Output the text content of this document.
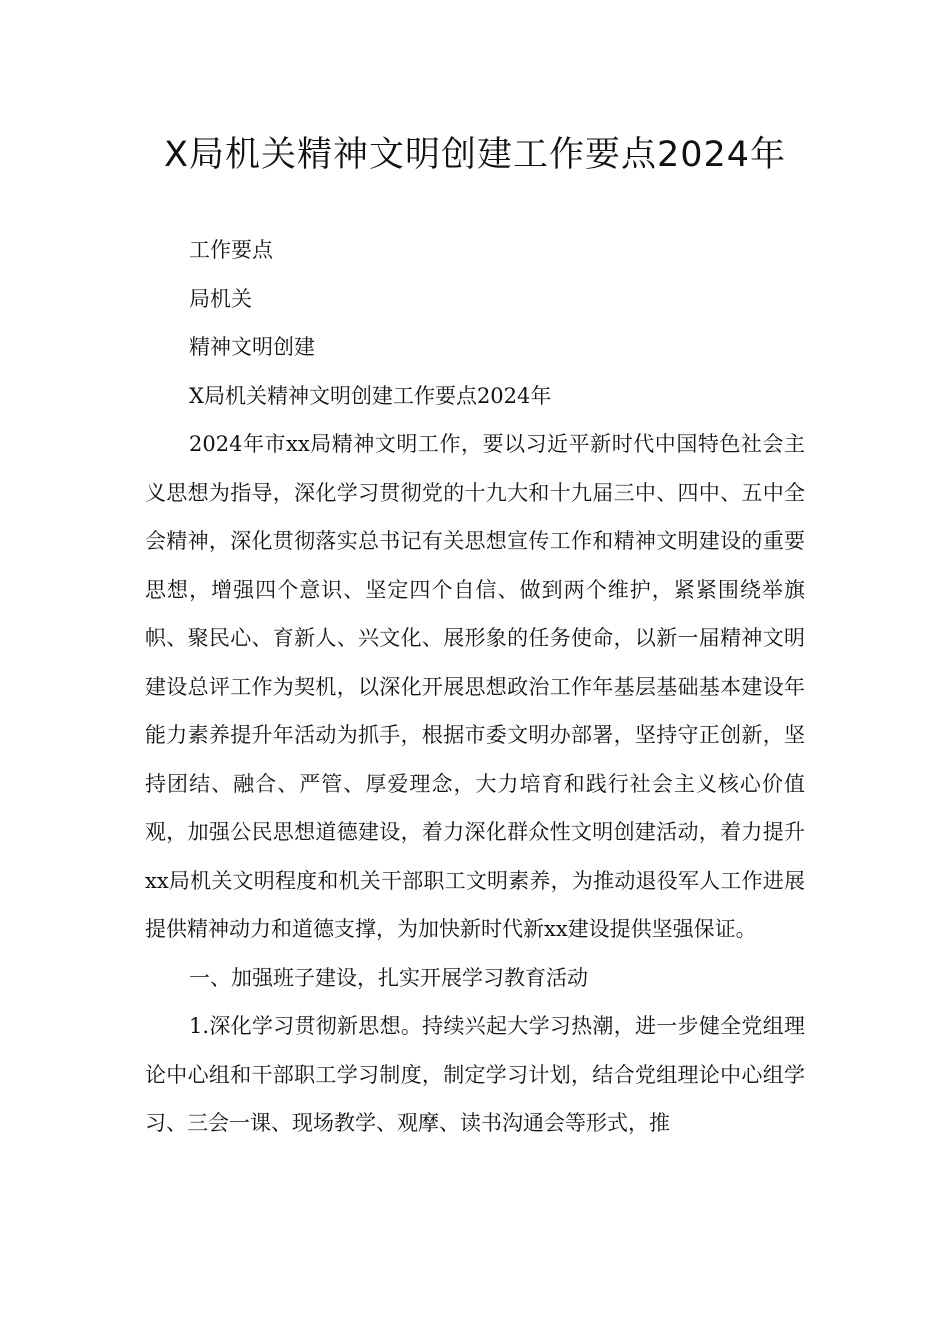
X局机关精神文明创建工作要点2024年
工作要点
局机关
精神文明创建
X局机关精神文明创建工作要点2024年

2024年市xx局精神文明工作，要以习近平新时代中国特色社会主义思想为指导，深化学习贯彻党的十九大和十九届三中、四中、五中全会精神，深化贯彻落实总书记有关思想宣传工作和精神文明建设的重要思想，增强四个意识、坚定四个自信、做到两个维护，紧紧围绕举旗帜、聚民心、育新人、兴文化、展形象的任务使命，以新一届精神文明建设总评工作为契机，以深化开展思想政治工作年基层基础基本建设年能力素养提升年活动为抓手，根据市委文明办部署，坚持守正创新，坚持团结、融合、严管、厚爱理念，大力培育和践行社会主义核心价值观，加强公民思想道德建设，着力深化群众性文明创建活动，着力提升xx局机关文明程度和机关干部职工文明素养，为推动退役军人工作进展提供精神动力和道德支撑，为加快新时代新xx建设提供坚强保证。

一、加强班子建设，扎实开展学习教育活动

1.深化学习贯彻新思想。持续兴起大学习热潮，进一步健全党组理论中心组和干部职工学习制度，制定学习计划，结合党组理论中心组学习、三会一课、现场教学、观摩、读书沟通会等形式，推
